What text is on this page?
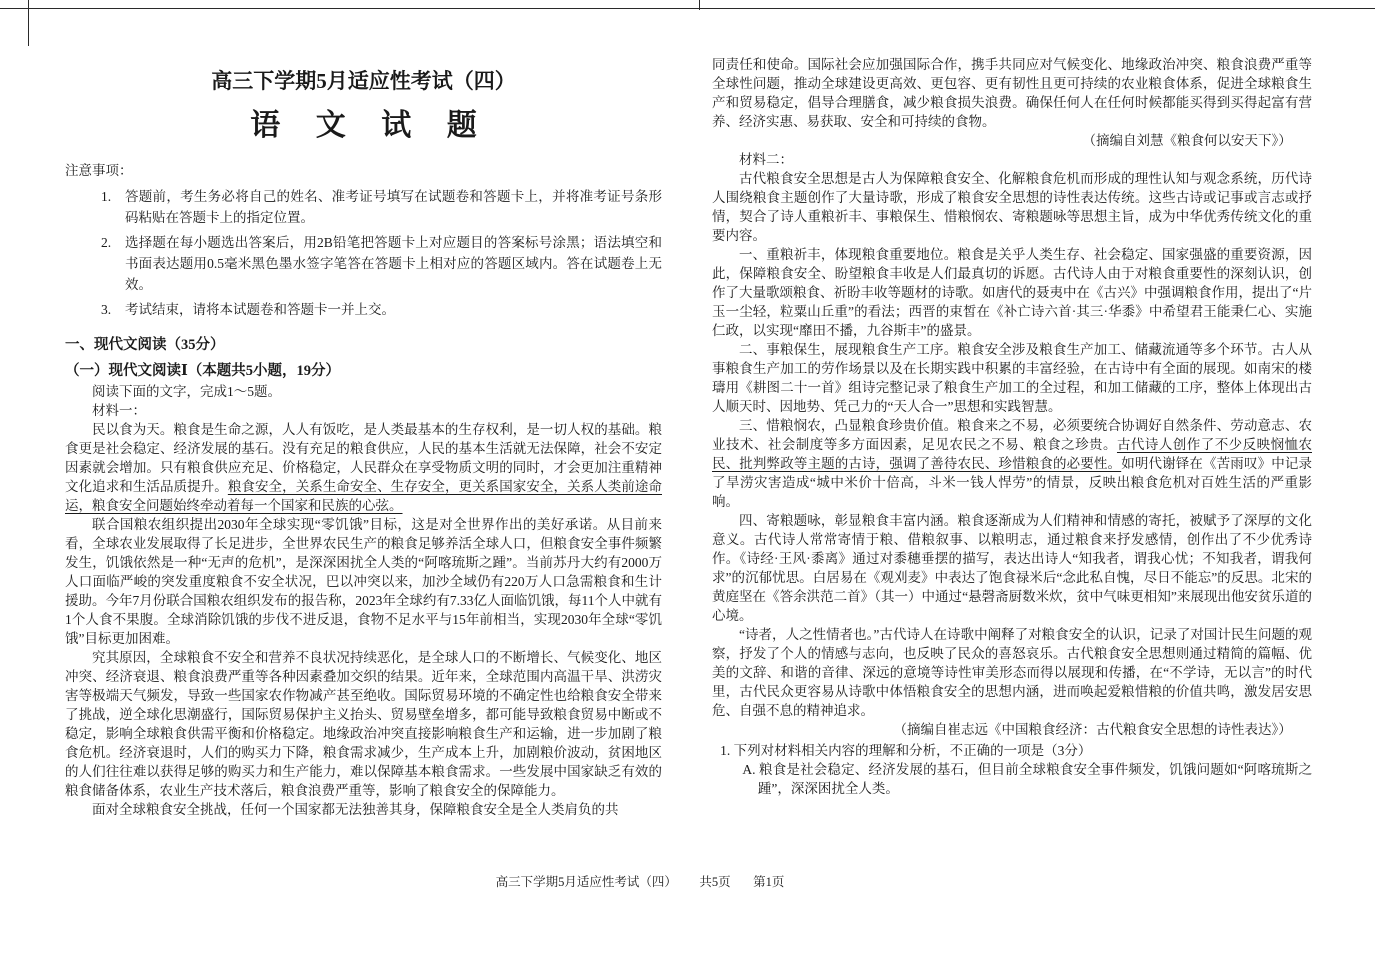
高三下学期5月适应性考试（四）
语 文 试 题
注意事项：
1.	答题前，考生务必将自己的姓名、准考证号填写在试题卷和答题卡上，并将准考证号条形码粘贴在答题卡上的指定位置。
2.	选择题在每小题选出答案后，用2B铅笔把答题卡上对应题目的答案标号涂黑；语法填空和书面表达题用0.5毫米黑色墨水签字笔答在答题卡上相对应的答题区域内。答在试题卷上无效。
3.	考试结束，请将本试题卷和答题卡一并上交。
一、现代文阅读（35分）
（一）现代文阅读Ⅰ（本题共5小题，19分）

阅读下面的文字，完成1～5题。

材料一：

民以食为天。粮食是生命之源，人人有饭吃，是人类最基本的生存权利，是一切人权的基础。粮食更是社会稳定、经济发展的基石。没有充足的粮食供应，人民的基本生活就无法保障，社会不安定因素就会增加。只有粮食供应充足、价格稳定，人民群众在享受物质文明的同时，才会更加注重精神文化追求和生活品质提升。粮食安全，关系生命安全、生存安全，更关系国家安全，关系人类前途命运，粮食安全问题始终牵动着每一个国家和民族的心弦。

联合国粮农组织提出2030年全球实现“零饥饿”目标，这是对全世界作出的美好承诺。从目前来看，全球农业发展取得了长足进步，全世界农民生产的粮食足够养活全球人口，但粮食安全事件频繁发生，饥饿依然是一种“无声的危机”，是深深困扰全人类的“阿喀琉斯之踵”。当前苏丹大约有2000万人口面临严峻的突发重度粮食不安全状况，巴以冲突以来，加沙全域仍有220万人口急需粮食和生计援助。今年7月份联合国粮农组织发布的报告称，2023年全球约有7.33亿人面临饥饿，每11个人中就有1个人食不果腹。全球消除饥饿的步伐不进反退，食物不足水平与15年前相当，实现2030年全球“零饥饿”目标更加困难。

究其原因，全球粮食不安全和营养不良状况持续恶化，是全球人口的不断增长、气候变化、地区冲突、经济衰退、粮食浪费严重等各种因素叠加交织的结果。近年来，全球范围内高温干旱、洪涝灾害等极端天气频发，导致一些国家农作物减产甚至绝收。国际贸易环境的不确定性也给粮食安全带来了挑战，逆全球化思潮盛行，国际贸易保护主义抬头、贸易壁垒增多，都可能导致粮食贸易中断或不稳定，影响全球粮食供需平衡和价格稳定。地缘政治冲突直接影响粮食生产和运输，进一步加剧了粮食危机。经济衰退时，人们的购买力下降，粮食需求减少，生产成本上升，加剧粮价波动，贫困地区的人们往往难以获得足够的购买力和生产能力，难以保障基本粮食需求。一些发展中国家缺乏有效的粮食储备体系，农业生产技术落后，粮食浪费严重等，影响了粮食安全的保障能力。

面对全球粮食安全挑战，任何一个国家都无法独善其身，保障粮食安全是全人类肩负的共

同责任和使命。国际社会应加强国际合作，携手共同应对气候变化、地缘政治冲突、粮食浪费严重等全球性问题，推动全球建设更高效、更包容、更有韧性且更可持续的农业粮食体系，促进全球粮食生产和贸易稳定，倡导合理膳食，减少粮食损失浪费。确保任何人在任何时候都能买得到买得起富有营养、经济实惠、易获取、安全和可持续的食物。

（摘编自刘慧《粮食何以安天下》）

材料二：

古代粮食安全思想是古人为保障粮食安全、化解粮食危机而形成的理性认知与观念系统，历代诗人围绕粮食主题创作了大量诗歌，形成了粮食安全思想的诗性表达传统。这些古诗或记事或言志或抒情，契合了诗人重粮祈丰、事粮保生、惜粮悯农、寄粮题咏等思想主旨，成为中华优秀传统文化的重要内容。

一、重粮祈丰，体现粮食重要地位。粮食是关乎人类生存、社会稳定、国家强盛的重要资源，因此，保障粮食安全、盼望粮食丰收是人们最真切的诉愿。古代诗人由于对粮食重要性的深刻认识，创作了大量歌颂粮食、祈盼丰收等题材的诗歌。如唐代的聂夷中在《古兴》中强调粮食作用，提出了“片玉一尘轻，粒粟山丘重”的看法；西晋的束皙在《补亡诗六首·其三·华黍》中希望君王能秉仁心、实施仁政，以实现“靡田不播，九谷斯丰”的盛景。

二、事粮保生，展现粮食生产工序。粮食安全涉及粮食生产加工、储藏流通等多个环节。古人从事粮食生产加工的劳作场景以及在长期实践中积累的丰富经验，在古诗中有全面的展现。如南宋的楼璹用《耕图二十一首》组诗完整记录了粮食生产加工的全过程，和加工储藏的工序，整体上体现出古人顺天时、因地势、凭己力的“天人合一”思想和实践智慧。

三、惜粮悯农，凸显粮食珍贵价值。粮食来之不易，必须要统合协调好自然条件、劳动意志、农业技术、社会制度等多方面因素，足见农民之不易、粮食之珍贵。古代诗人创作了不少反映悯恤农民、批判弊政等主题的古诗，强调了善待农民、珍惜粮食的必要性。如明代谢铎在《苦雨叹》中记录了旱涝灾害造成“城中米价十倍高，斗米一钱人悍劳”的情景，反映出粮食危机对百姓生活的严重影响。

四、寄粮题咏，彰显粮食丰富内涵。粮食逐渐成为人们精神和情感的寄托，被赋予了深厚的文化意义。古代诗人常常寄情于粮、借粮叙事、以粮明志，通过粮食来抒发感情，创作出了不少优秀诗作。《诗经·王风·黍离》通过对黍穗垂摆的描写，表达出诗人“知我者，谓我心忧；不知我者，谓我何求”的沉郁忧思。白居易在《观刈麦》中表达了饱食禄米后“念此私自愧，尽日不能忘”的反思。北宋的黄庭坚在《答余洪范二首》（其一）中通过“悬磬斋厨数米炊，贫中气味更相知”来展现出他安贫乐道的心境。

“诗者，人之性情者也。”古代诗人在诗歌中阐释了对粮食安全的认识，记录了对国计民生问题的观察，抒发了个人的情感与志向，也反映了民众的喜怒哀乐。古代粮食安全思想则通过精简的篇幅、优美的文辞、和谐的音律、深远的意境等诗性审美形态而得以展现和传播，在“不学诗，无以言”的时代里，古代民众更容易从诗歌中体悟粮食安全的思想内涵，进而唤起爱粮惜粮的价值共鸣，激发居安思危、自强不息的精神追求。

（摘编自崔志远《中国粮食经济：古代粮食安全思想的诗性表达》）

1. 下列对材料相关内容的理解和分析，不正确的一项是（3分）

A. 粮食是社会稳定、经济发展的基石，但目前全球粮食安全事件频发，饥饿问题如“阿喀琉斯之踵”，深深困扰全人类。

高三下学期5月适应性考试（四） 共5页 第1页
